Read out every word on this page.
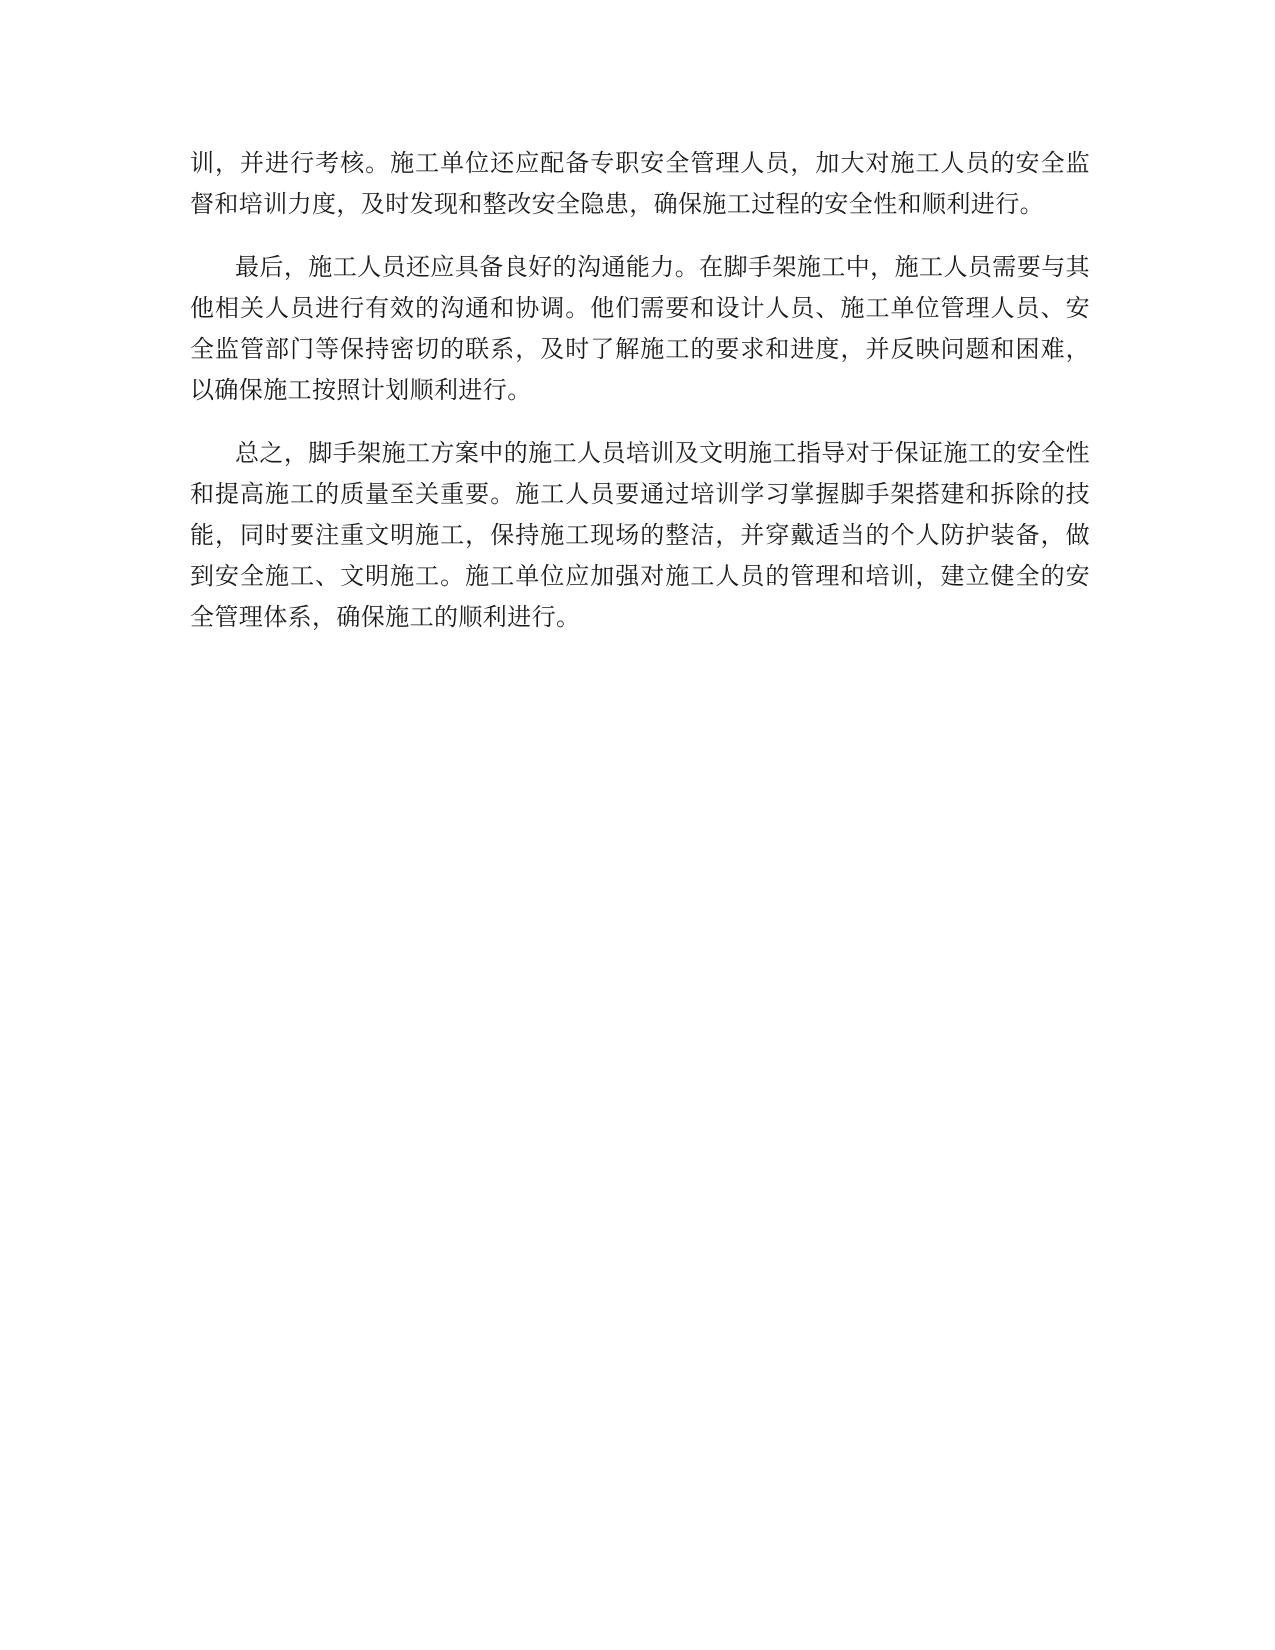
训，并进行考核。施工单位还应配备专职安全管理人员，加大对施工人员的安全监督和培训力度，及时发现和整改安全隐患，确保施工过程的安全性和顺利进行。

最后，施工人员还应具备良好的沟通能力。在脚手架施工中，施工人员需要与其他相关人员进行有效的沟通和协调。他们需要和设计人员、施工单位管理人员、安全监管部门等保持密切的联系，及时了解施工的要求和进度，并反映问题和困难，以确保施工按照计划顺利进行。

总之，脚手架施工方案中的施工人员培训及文明施工指导对于保证施工的安全性和提高施工的质量至关重要。施工人员要通过培训学习掌握脚手架搭建和拆除的技能，同时要注重文明施工，保持施工现场的整洁，并穿戴适当的个人防护装备，做到安全施工、文明施工。施工单位应加强对施工人员的管理和培训，建立健全的安全管理体系，确保施工的顺利进行。
